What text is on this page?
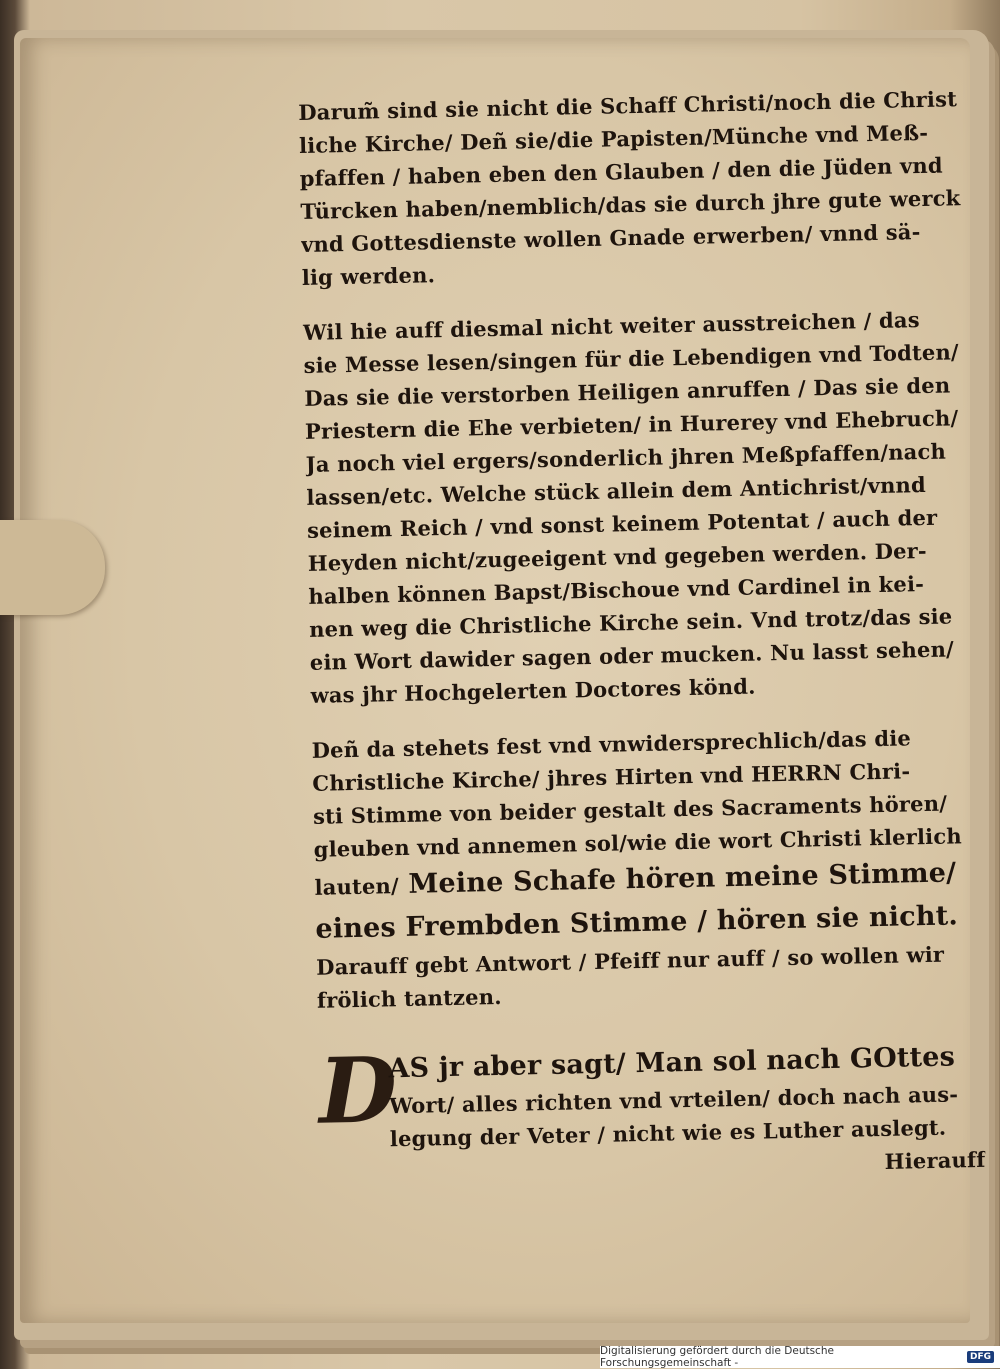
Darum̃ sind sie nicht die Schaff Christi/noch die Christ
liche Kirche/ Deñ sie/die Papisten/Münche vnd Meß-
pfaffen / haben eben den Glauben / den die Jüden vnd
Türcken haben/nemblich/das sie durch jhre gute werck
vnd Gottesdienste wollen Gnade erwerben/ vnnd sä-
lig werden.
Wil hie auff diesmal nicht weiter ausstreichen / das
sie Messe lesen/singen für die Lebendigen vnd Todten/
Das sie die verstorben Heiligen anruffen / Das sie den
Priestern die Ehe verbieten/ in Hurerey vnd Ehebruch/
Ja noch viel ergers/sonderlich jhren Meßpfaffen/nach
lassen/etc. Welche stück allein dem Antichrist/vnnd
seinem Reich / vnd sonst keinem Potentat / auch der
Heyden nicht/zugeeigent vnd gegeben werden. Der-
halben können Bapst/Bischoue vnd Cardinel in kei-
nen weg die Christliche Kirche sein. Vnd trotz/das sie
ein Wort dawider sagen oder mucken. Nu lasst sehen/
was jhr Hochgelerten Doctores könd.
Deñ da stehets fest vnd vnwidersprechlich/das die
Christliche Kirche/ jhres Hirten vnd HERRN Chri-
sti Stimme von beider gestalt des Sacraments hören/
gleuben vnd annemen sol/wie die wort Christi klerlich
lauten/ Meine Schafe hören meine Stimme/
eines Frembden Stimme / hören sie nicht.
Darauff gebt Antwort / Pfeiff nur auff / so wollen wir
frölich tantzen.
D
AS jr aber sagt/ Man sol nach GOttes
Wort/ alles richten vnd vrteilen/ doch nach aus-
legung der Veter / nicht wie es Luther auslegt.
Hierauff
Digitalisierung gefördert durch die Deutsche Forschungsgemeinschaft -	DFG
